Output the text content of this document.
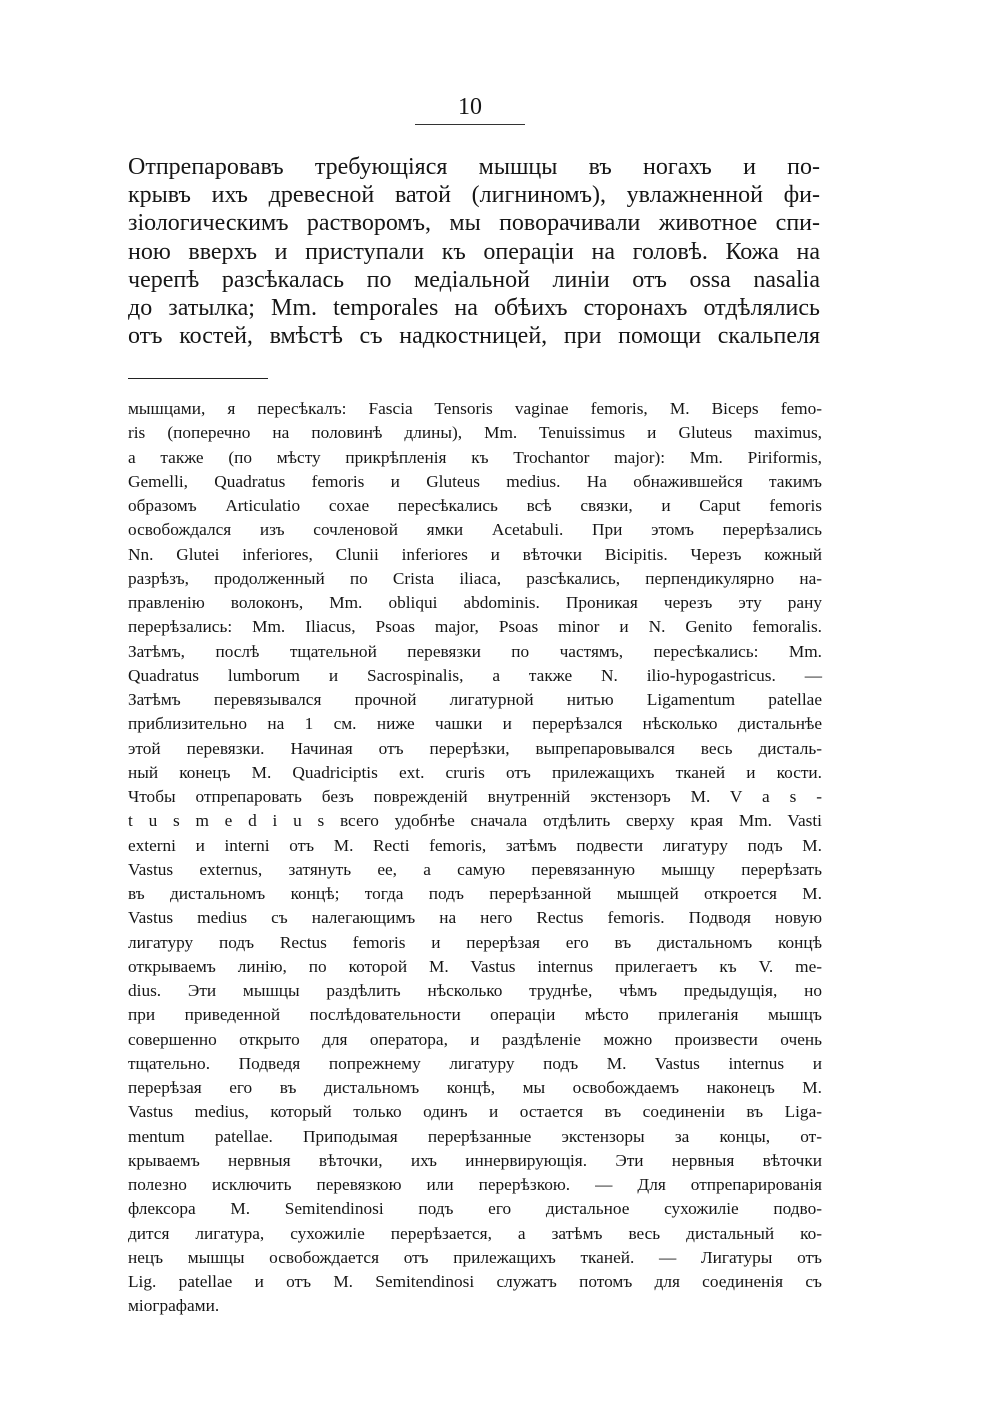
10
Отпрепаровавъ требующіяся мышцы въ ногахъ и по-
крывъ ихъ древесной ватой (лигниномъ), увлажненной фи-
зіологическимъ растворомъ, мы поворачивали животное спи-
ною вверхъ и приступали къ операціи на головѣ. Кожа на
черепѣ разсѣкалась по медіальной линіи отъ ossa nasalia
до затылка; Mm. temporales на обѣихъ сторонахъ отдѣлялись
отъ костей, вмѣстѣ съ надкостницей, при помощи скальпеля
мышцами, я пересѣкалъ: Fascia Tensoris vaginae femoris, M. Biceps femo-
ris (поперечно на половинѣ длины), Mm. Tenuissimus и Gluteus maximus,
а также (по мѣсту прикрѣпленія къ Trochantor major): Mm. Piriformis,
Gemelli, Quadratus femoris и Gluteus medius. На обнажившейся такимъ
образомъ Articulatio coxae пересѣкались всѣ связки, и Caput femoris
освобождался изъ сочленовой ямки Acetabuli. При этомъ перерѣзались
Nn. Glutei inferiores, Clunii inferiores и вѣточки Bicipitis. Черезъ кожный
разрѣзъ, продолженный по Crista iliaca, разсѣкались, перпендикулярно на-
правленію волоконъ, Mm. obliqui abdominis. Проникая черезъ эту рану
перерѣзались: Mm. Iliacus, Psoas major, Psoas minor и N. Genito femoralis.
Затѣмъ, послѣ тщательной перевязки по частямъ, пересѣкались: Mm.
Quadratus lumborum и Sacrospinalis, а также N. ilio-hypogastricus. —
Затѣмъ перевязывался прочной лигатурной нитью Ligamentum patellae
приблизительно на 1 см. ниже чашки и перерѣзался нѣсколько дистальнѣе
этой перевязки. Начиная отъ перерѣзки, выпрепаровывался весь дисталь-
ный конецъ M. Quadriciptis ext. cruris отъ прилежащихъ тканей и кости.
Чтобы отпрепаровать безъ поврежденій внутренній экстензоръ M. V a s -
t u s m e d i u s всего удобнѣе сначала отдѣлить сверху края Mm. Vasti
externi и interni отъ M. Recti femoris, затѣмъ подвести лигатуру подъ M.
Vastus externus, затянуть ее, а самую перевязанную мышцу перерѣзать
въ дистальномъ концѣ; тогда подъ перерѣзанной мышцей откроется M.
Vastus medius съ налегающимъ на него Rectus femoris. Подводя новую
лигатуру подъ Rectus femoris и перерѣзая его въ дистальномъ концѣ
открываемъ линію, по которой M. Vastus internus прилегаетъ къ V. me-
dius. Эти мышцы раздѣлить нѣсколько труднѣе, чѣмъ предыдущія, но
при приведенной послѣдовательности операціи мѣсто прилеганія мышцъ
совершенно открыто для оператора, и раздѣленіе можно произвести очень
тщательно. Подведя попрежнему лигатуру подъ M. Vastus internus и
перерѣзая его въ дистальномъ концѣ, мы освобождаемъ наконецъ M.
Vastus medius, который только одинъ и остается въ соединеніи въ Liga-
mentum patellae. Приподымая перерѣзанные экстензоры за концы, от-
крываемъ нервныя вѣточки, ихъ иннервирующія. Эти нервныя вѣточки
полезно исключить перевязкою или перерѣзкою. — Для отпрепарированія
флексора M. Semitendinosi подъ его дистальное сухожиліе подво-
дится лигатура, сухожиліе перерѣзается, а затѣмъ весь дистальный ко-
нецъ мышцы освобождается отъ прилежащихъ тканей. — Лигатуры отъ
Lig. patellae и отъ M. Semitendinosi служатъ потомъ для соединенія съ
міографами.
